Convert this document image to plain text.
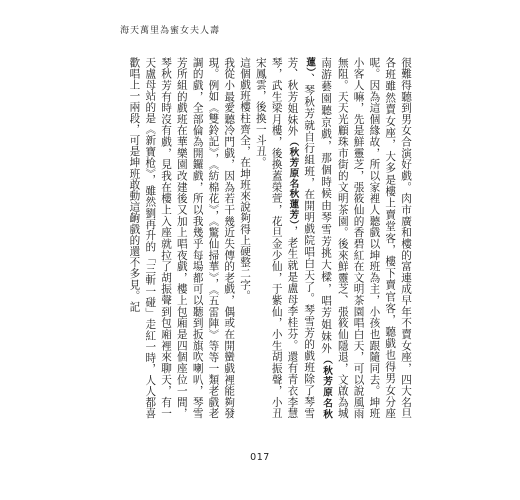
海天萬里為蜜女夫人壽

很難得聽到男女合演好戲。肉市廣和樓的富連成早年不賣女座，四大名旦各班雖然賣女座，大多是樓上賣堂客，樓下賣官客，聽戲也得男女分座呢。因為這個緣故，所以家裡人聽戲以坤班為主，小孩也跟隨同去。坤班小客人嘛，先是鮮靈芝，張筱仙的香碧紅在文明茶園唱白天，可以說風雨無阻。天天光顧珠市街的文明茶園。後來鮮靈芝、張筱仙隱退，文啟為城南游藝園聽京戲，那個時候由琴雪芳挑大樑，唱芳姐妹外（秋芳原名秋蓮）、琴秋芳就自行組班，在開明戲院唱白天了。琴雪芳的戲班除了琴雪芳、秋芳姐妹外（秋芳原名秋蓮芳），老生就是盧母李桂芬。還有青衣李慧琴，武生梁月樓，後換蓋榮萱，花旦金少仙，于紫仙，小生胡振聲，小丑宋鳳雲，後換一斗丑。

這個戲班樓柱齊全，在坤班來說夠得上硬整二字。

我從小最愛聽冷門戲，因為若干幾近失傳的老戲，偶或在開蠻戲裡能夠發現。例如《雙鈴記》，《紡棉花》，《驚仙掃華》，《五雷陣》等等一類老戲老調的戲，全部倫為開鑼戲，所以我幾乎每場都可以聽到扳旗吹喇叭，琴雪芳所組的戲班在華樂園改建後又加上唱夜戲，樓上包廂是四個座位一間，琴秋芳有時沒有戲，見我在樓上入座就拉了胡振聲到包廂裡來聊天，有一天盧母站的是《新寶枪》，雖然劉再升的「三斬一碰」走紅一時，人人都喜歡唱上一兩段，可是坤班敢動這齣戲的還不多見。記

017
